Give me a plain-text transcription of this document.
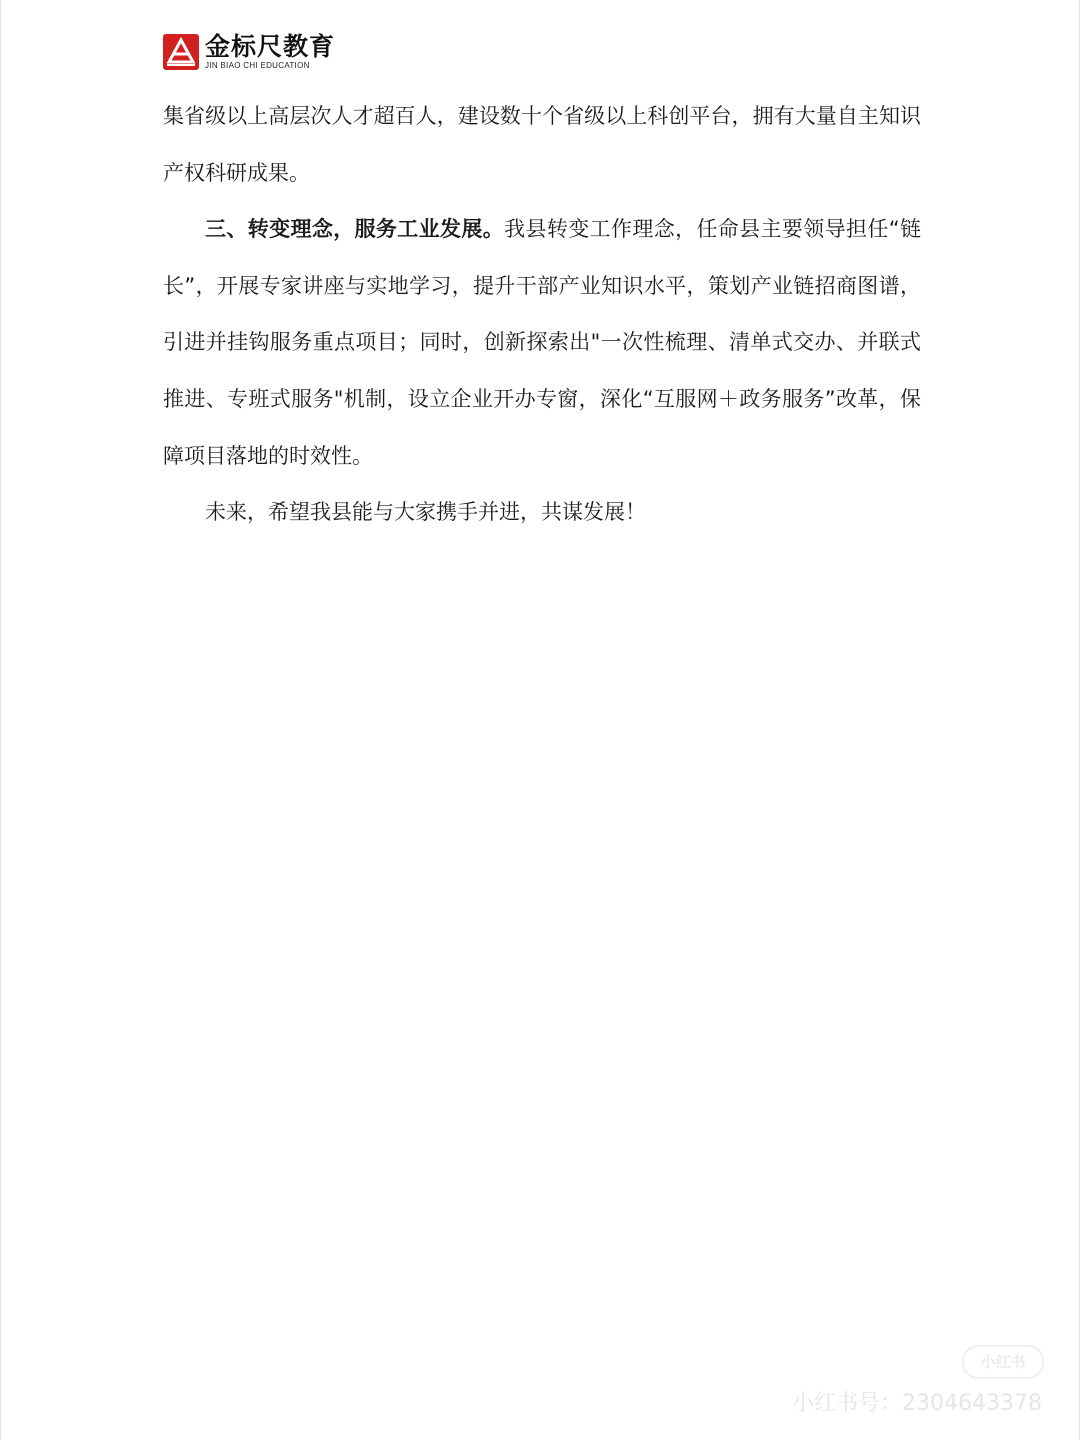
金标尺教育
JIN BIAO CHI EDUCATION

集省级以上高层次人才超百人，建设数十个省级以上科创平台，拥有大量自主知识产权科研成果。

三、转变理念，服务工业发展。我县转变工作理念，任命县主要领导担任“链长”，开展专家讲座与实地学习，提升干部产业知识水平，策划产业链招商图谱，引进并挂钩服务重点项目；同时，创新探索出"一次性梳理、清单式交办、并联式推进、专班式服务"机制，设立企业开办专窗，深化“互服网＋政务服务”改革，保障项目落地的时效性。

未来，希望我县能与大家携手并进，共谋发展！

小红书
小红书号：2304643378
